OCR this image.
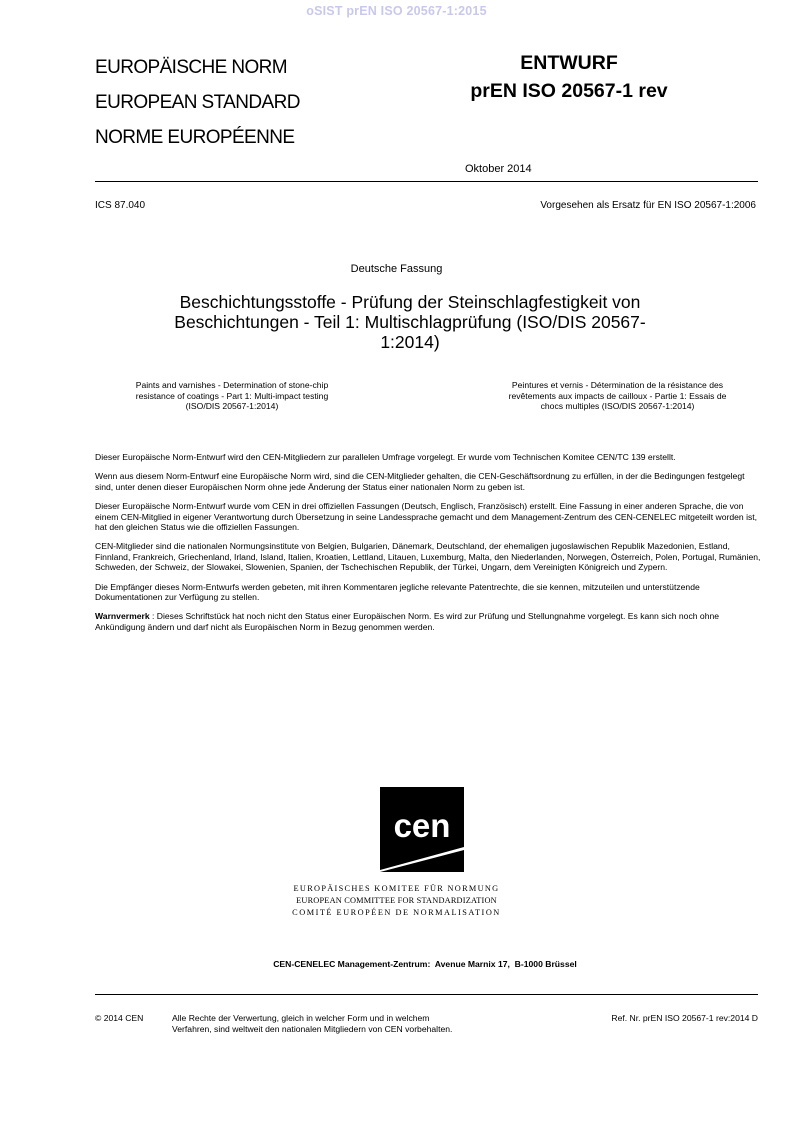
oSIST prEN ISO 20567-1:2015
EUROPÄISCHE NORM
EUROPEAN STANDARD
NORME EUROPÉENNE
ENTWURF
prEN ISO 20567-1 rev
Oktober 2014
ICS 87.040	Vorgesehen als Ersatz für EN ISO 20567-1:2006
Deutsche Fassung
Beschichtungsstoffe - Prüfung der Steinschlagfestigkeit von
Beschichtungen - Teil 1: Multischlagprüfung (ISO/DIS 20567-
1:2014)
Paints and varnishes - Determination of stone-chip
resistance of coatings - Part 1: Multi-impact testing
(ISO/DIS 20567-1:2014)
Peintures et vernis - Détermination de la résistance des
revêtements aux impacts de cailloux - Partie 1: Essais de
chocs multiples (ISO/DIS 20567-1:2014)

Dieser Europäische Norm-Entwurf wird den CEN-Mitgliedern zur parallelen Umfrage vorgelegt. Er wurde vom Technischen Komitee CEN/TC 139 erstellt.

Wenn aus diesem Norm-Entwurf eine Europäische Norm wird, sind die CEN-Mitglieder gehalten, die CEN-Geschäftsordnung zu erfüllen, in der die Bedingungen festgelegt sind, unter denen dieser Europäischen Norm ohne jede Änderung der Status einer nationalen Norm zu geben ist.

Dieser Europäische Norm-Entwurf wurde vom CEN in drei offiziellen Fassungen (Deutsch, Englisch, Französisch) erstellt. Eine Fassung in einer anderen Sprache, die von einem CEN-Mitglied in eigener Verantwortung durch Übersetzung in seine Landessprache gemacht und dem Management-Zentrum des CEN-CENELEC mitgeteilt worden ist, hat den gleichen Status wie die offiziellen Fassungen.

CEN-Mitglieder sind die nationalen Normungsinstitute von Belgien, Bulgarien, Dänemark, Deutschland, der ehemaligen jugoslawischen Republik Mazedonien, Estland, Finnland, Frankreich, Griechenland, Irland, Island, Italien, Kroatien, Lettland, Litauen, Luxemburg, Malta, den Niederlanden, Norwegen, Österreich, Polen, Portugal, Rumänien, Schweden, der Schweiz, der Slowakei, Slowenien, Spanien, der Tschechischen Republik, der Türkei, Ungarn, dem Vereinigten Königreich und Zypern.

Die Empfänger dieses Norm-Entwurfs werden gebeten, mit ihren Kommentaren jegliche relevante Patentrechte, die sie kennen, mitzuteilen und unterstützende Dokumentationen zur Verfügung zu stellen.

Warnvermerk : Dieses Schriftstück hat noch nicht den Status einer Europäischen Norm. Es wird zur Prüfung und Stellungnahme vorgelegt. Es kann sich noch ohne Ankündigung ändern und darf nicht als Europäischen Norm in Bezug genommen werden.

cen
EUROPÄISCHES KOMITEE FÜR NORMUNG
EUROPEAN COMMITTEE FOR STANDARDIZATION
COMITÉ EUROPÉEN DE NORMALISATION
CEN-CENELEC Management-Zentrum:  Avenue Marnix 17,  B-1000 Brüssel
© 2014 CEN	Alle Rechte der Verwertung, gleich in welcher Form und in welchem
Verfahren, sind weltweit den nationalen Mitgliedern von CEN vorbehalten.
Ref. Nr. prEN ISO 20567-1 rev:2014 D
